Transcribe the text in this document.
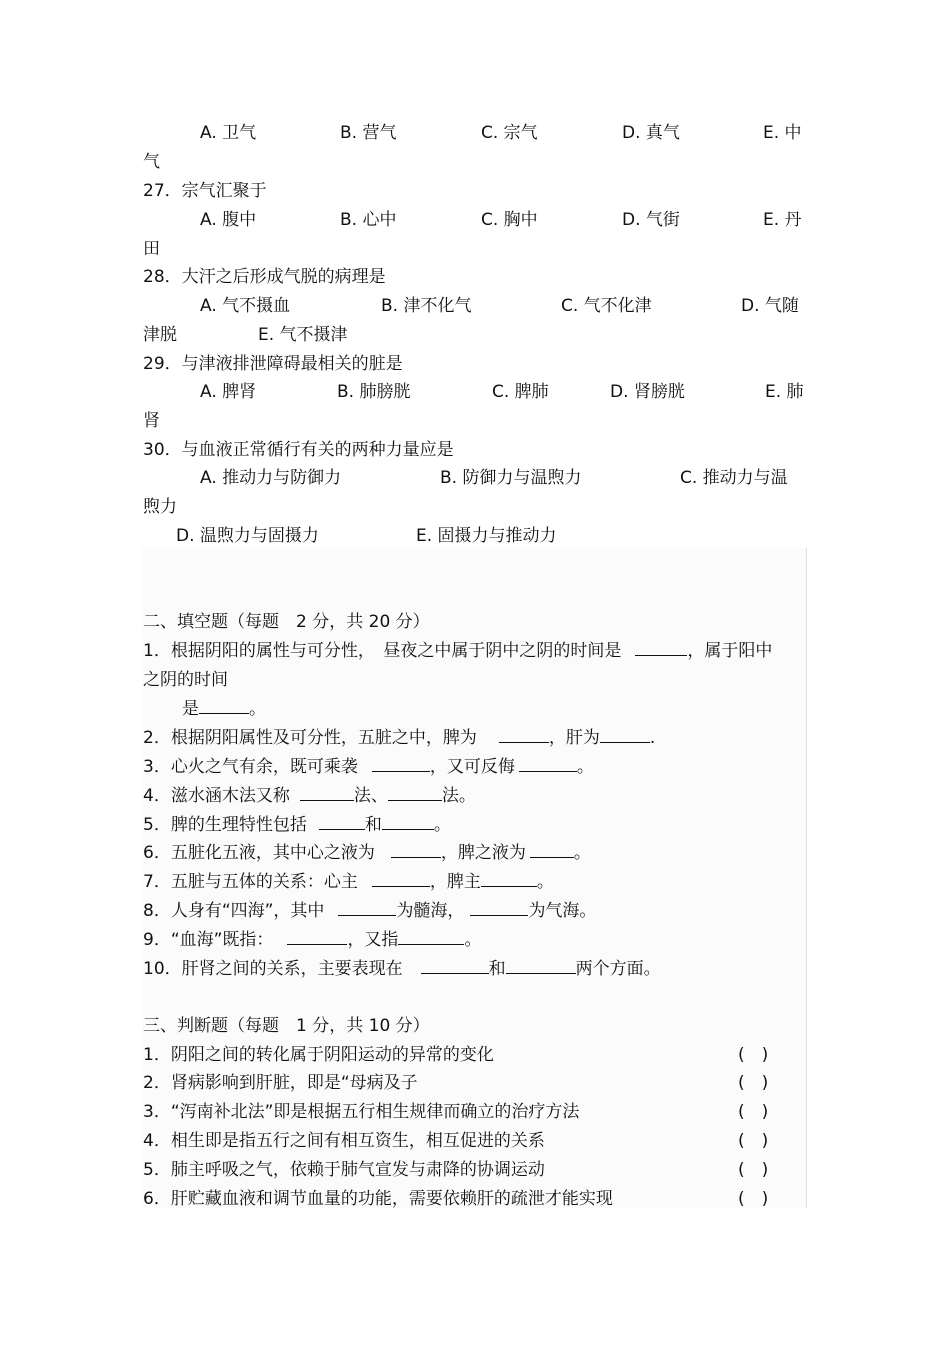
A. 卫气	B. 营气	C. 宗气	D. 真气	E. 中
气
27．宗气汇聚于
A. 腹中	B. 心中	C. 胸中	D. 气街	E. 丹
田
28．大汗之后形成气脱的病理是
A. 气不摄血	B. 津不化气	C. 气不化津	D. 气随
津脱	E. 气不摄津
29．与津液排泄障碍最相关的脏是
A. 脾肾	B. 肺膀胱	C. 脾肺	D. 肾膀胱	E. 肺
肾
30．与血液正常循行有关的两种力量应是
A. 推动力与防御力	B. 防御力与温煦力	C. 推动力与温
煦力
D. 温煦力与固摄力	E. 固摄力与推动力
二、填空题（每题　2 分，共 20 分）
1．根据阴阳的属性与可分性，　昼夜之中属于阴中之阴的时间是	，属于阳中
之阴的时间
是	。
2．根据阴阳属性及可分性，五脏之中，脾为	，肝为	.
3．心火之气有余，既可乘袭	，又可反侮	。
4．滋水涵木法又称	法、	法。
5．脾的生理特性包括	和	。
6．五脏化五液，其中心之液为	，脾之液为	。
7．五脏与五体的关系：心主	，脾主	。
8．人身有“四海”，其中	为髓海，	为气海。
9．“血海”既指：	，又指	。
10．肝肾之间的关系，主要表现在	和	两个方面。
三、判断题（每题　1 分，共 10 分）
1．阴阳之间的转化属于阴阳运动的异常的变化	(　)
2．肾病影响到肝脏，即是“母病及子	(　)
3．“泻南补北法”即是根据五行相生规律而确立的治疗方法	(　)
4．相生即是指五行之间有相互资生，相互促进的关系	(　)
5．肺主呼吸之气，依赖于肺气宣发与肃降的协调运动	(　)
6．肝贮藏血液和调节血量的功能，需要依赖肝的疏泄才能实现	(　)
